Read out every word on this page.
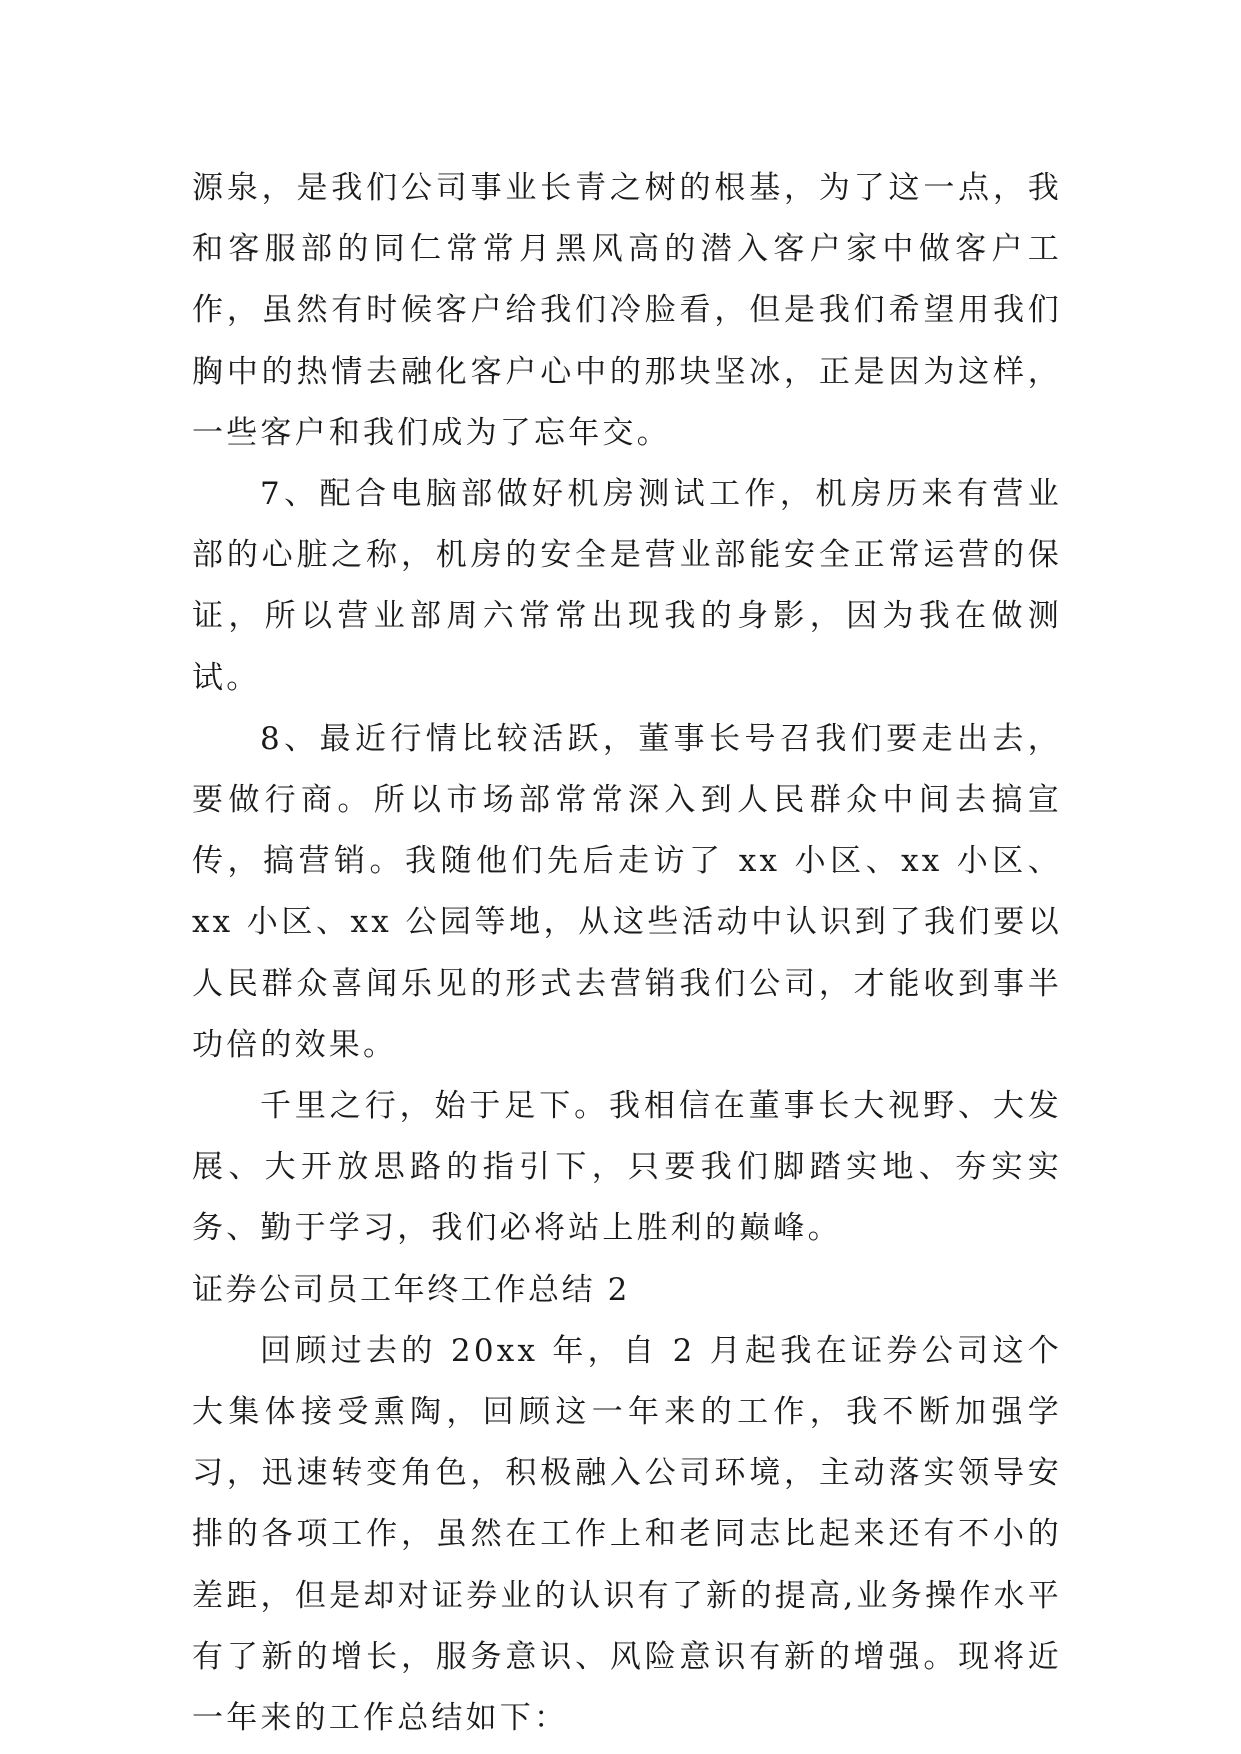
源泉，是我们公司事业长青之树的根基，为了这一点，我和客服部的同仁常常月黑风高的潜入客户家中做客户工作，虽然有时候客户给我们冷脸看，但是我们希望用我们胸中的热情去融化客户心中的那块坚冰，正是因为这样，一些客户和我们成为了忘年交。

7、配合电脑部做好机房测试工作，机房历来有营业部的心脏之称，机房的安全是营业部能安全正常运营的保证，所以营业部周六常常出现我的身影，因为我在做测试。

8、最近行情比较活跃，董事长号召我们要走出去，要做行商。所以市场部常常深入到人民群众中间去搞宣传，搞营销。我随他们先后走访了 xx 小区、xx 小区、xx 小区、xx 公园等地，从这些活动中认识到了我们要以人民群众喜闻乐见的形式去营销我们公司，才能收到事半功倍的效果。

千里之行，始于足下。我相信在董事长大视野、大发展、大开放思路的指引下，只要我们脚踏实地、夯实实务、勤于学习，我们必将站上胜利的巅峰。

证券公司员工年终工作总结 2

回顾过去的 20xx 年，自 2 月起我在证券公司这个大集体接受熏陶，回顾这一年来的工作，我不断加强学习，迅速转变角色，积极融入公司环境，主动落实领导安排的各项工作，虽然在工作上和老同志比起来还有不小的差距，但是却对证券业的认识有了新的提高,业务操作水平有了新的增长，服务意识、风险意识有新的增强。现将近一年来的工作总结如下：
